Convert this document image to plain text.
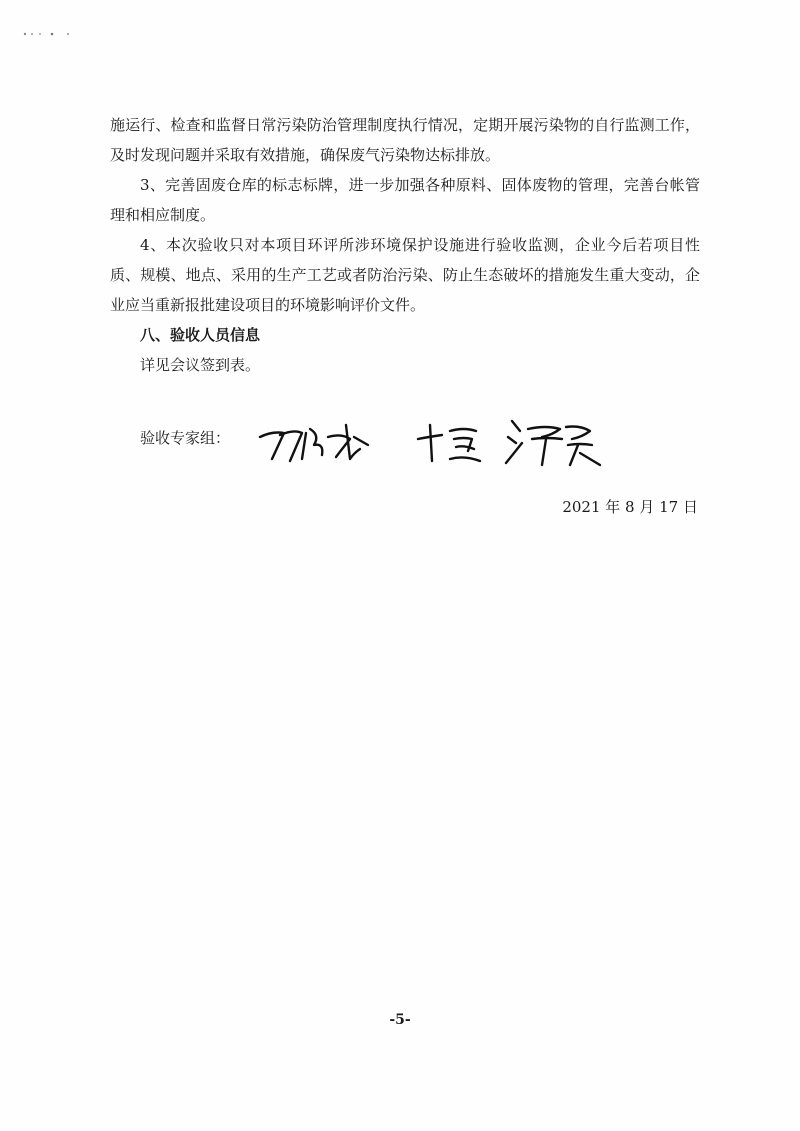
施运行、检查和监督日常污染防治管理制度执行情况，定期开展污染物的自行监测工作，及时发现问题并采取有效措施，确保废气污染物达标排放。

3、完善固废仓库的标志标牌，进一步加强各种原料、固体废物的管理，完善台帐管理和相应制度。

4、本次验收只对本项目环评所涉环境保护设施进行验收监测，企业今后若项目性质、规模、地点、采用的生产工艺或者防治污染、防止生态破坏的措施发生重大变动，企业应当重新报批建设项目的环境影响评价文件。

八、验收人员信息

详见会议签到表。

验收专家组：
2021 年 8 月 17 日
-5-
